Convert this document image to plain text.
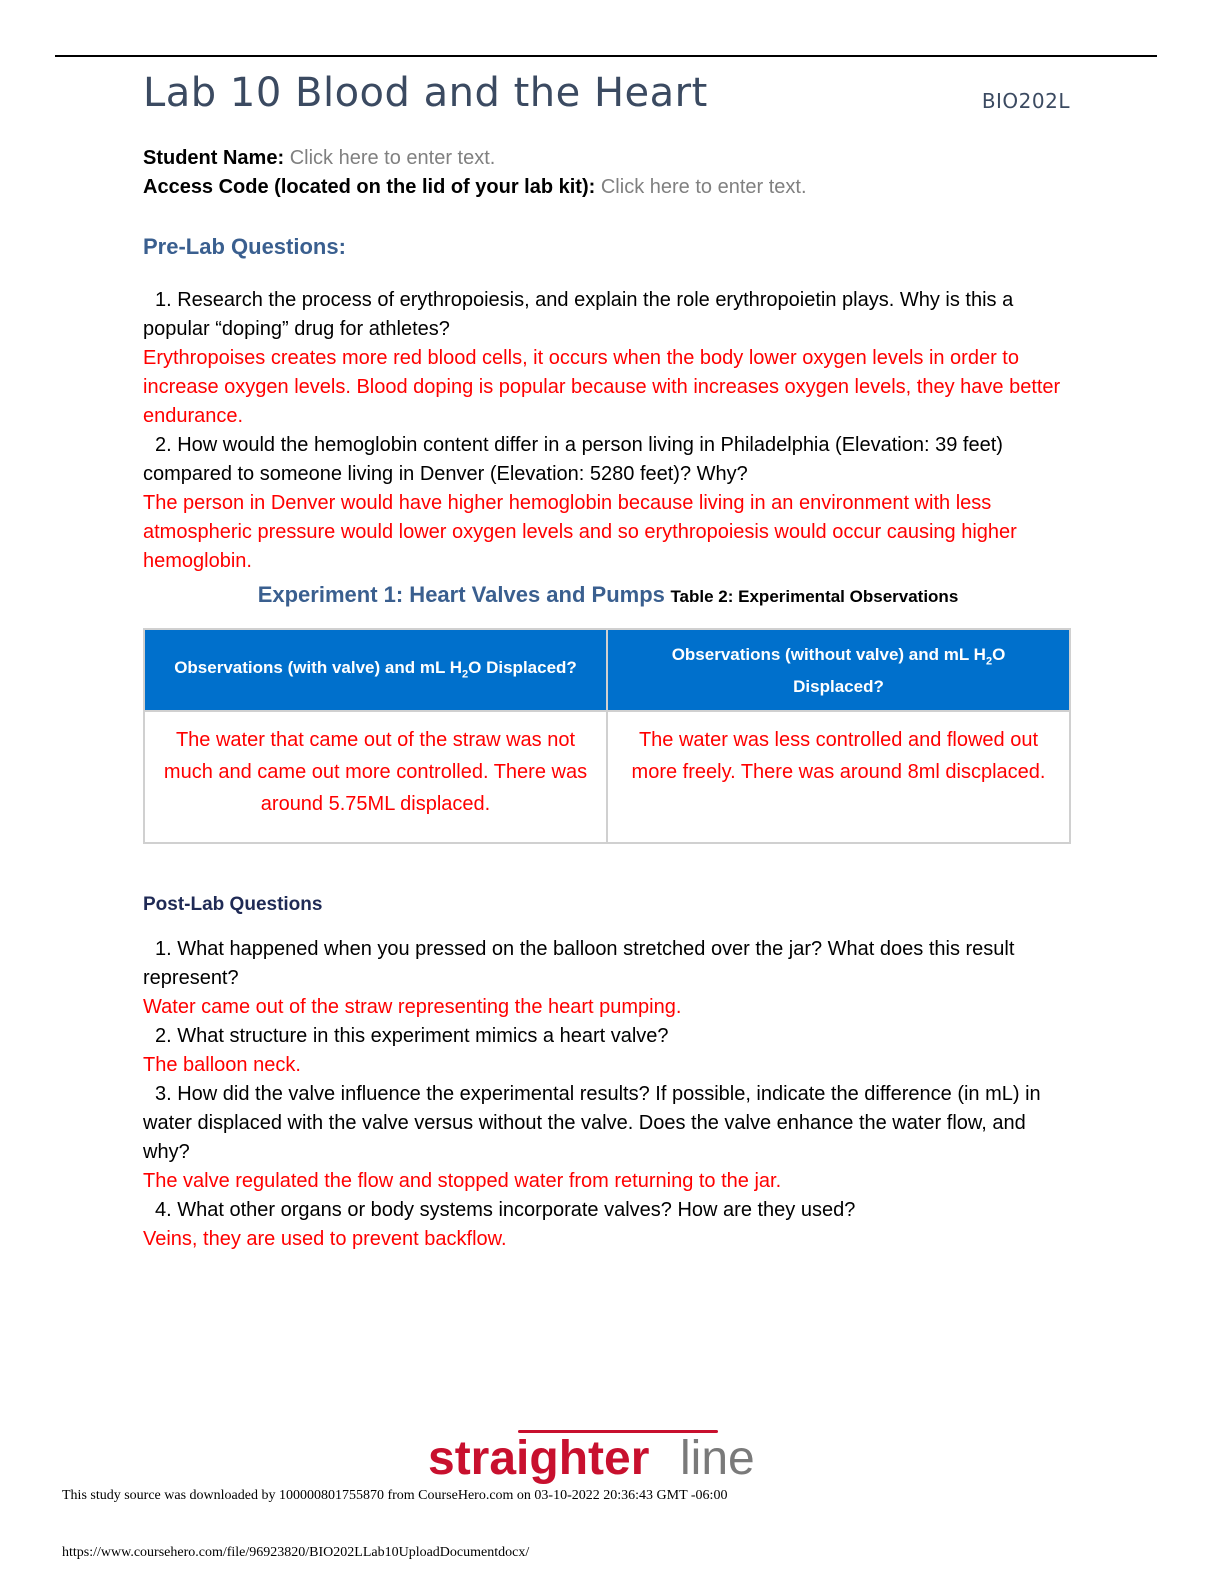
Lab 10 Blood and the Heart	BIO202L

Student Name: Click here to enter text.

Access Code (located on the lid of your lab kit): Click here to enter text.

Pre-Lab Questions:

1. Research the process of erythropoiesis, and explain the role erythropoietin plays. Why is this a popular “doping” drug for athletes?

Erythropoises creates more red blood cells, it occurs when the body lower oxygen levels in order to increase oxygen levels. Blood doping is popular because with increases oxygen levels, they have better endurance.

2. How would the hemoglobin content differ in a person living in Philadelphia (Elevation: 39 feet) compared to someone living in Denver (Elevation: 5280 feet)? Why?

The person in Denver would have higher hemoglobin because living in an environment with less atmospheric pressure would lower oxygen levels and so erythropoiesis would occur causing higher hemoglobin.

Experiment 1: Heart Valves and Pumps Table 2: Experimental Observations
Observations (with valve) and mL $H_2O$ Displaced?	Observations (without valve) and mL $H_2O$ Displaced?
The water that came out of the straw was not much and came out more controlled. There was around 5.75ML displaced.	The water was less controlled and flowed out more freely. There was around 8ml discplaced.
Post-Lab Questions

1. What happened when you pressed on the balloon stretched over the jar? What does this result represent?

Water came out of the straw representing the heart pumping.

2. What structure in this experiment mimics a heart valve?

The balloon neck.

3. How did the valve influence the experimental results? If possible, indicate the difference (in mL) in water displaced with the valve versus without the valve. Does the valve enhance the water flow, and why?

The valve regulated the flow and stopped water from returning to the jar.

4. What other organs or body systems incorporate valves? How are they used?

Veins, they are used to prevent backflow.

straighter line
This study source was downloaded by 100000801755870 from CourseHero.com on 03-10-2022 20:36:43 GMT -06:00
https://www.coursehero.com/file/96923820/BIO202LLab10UploadDocumentdocx/
